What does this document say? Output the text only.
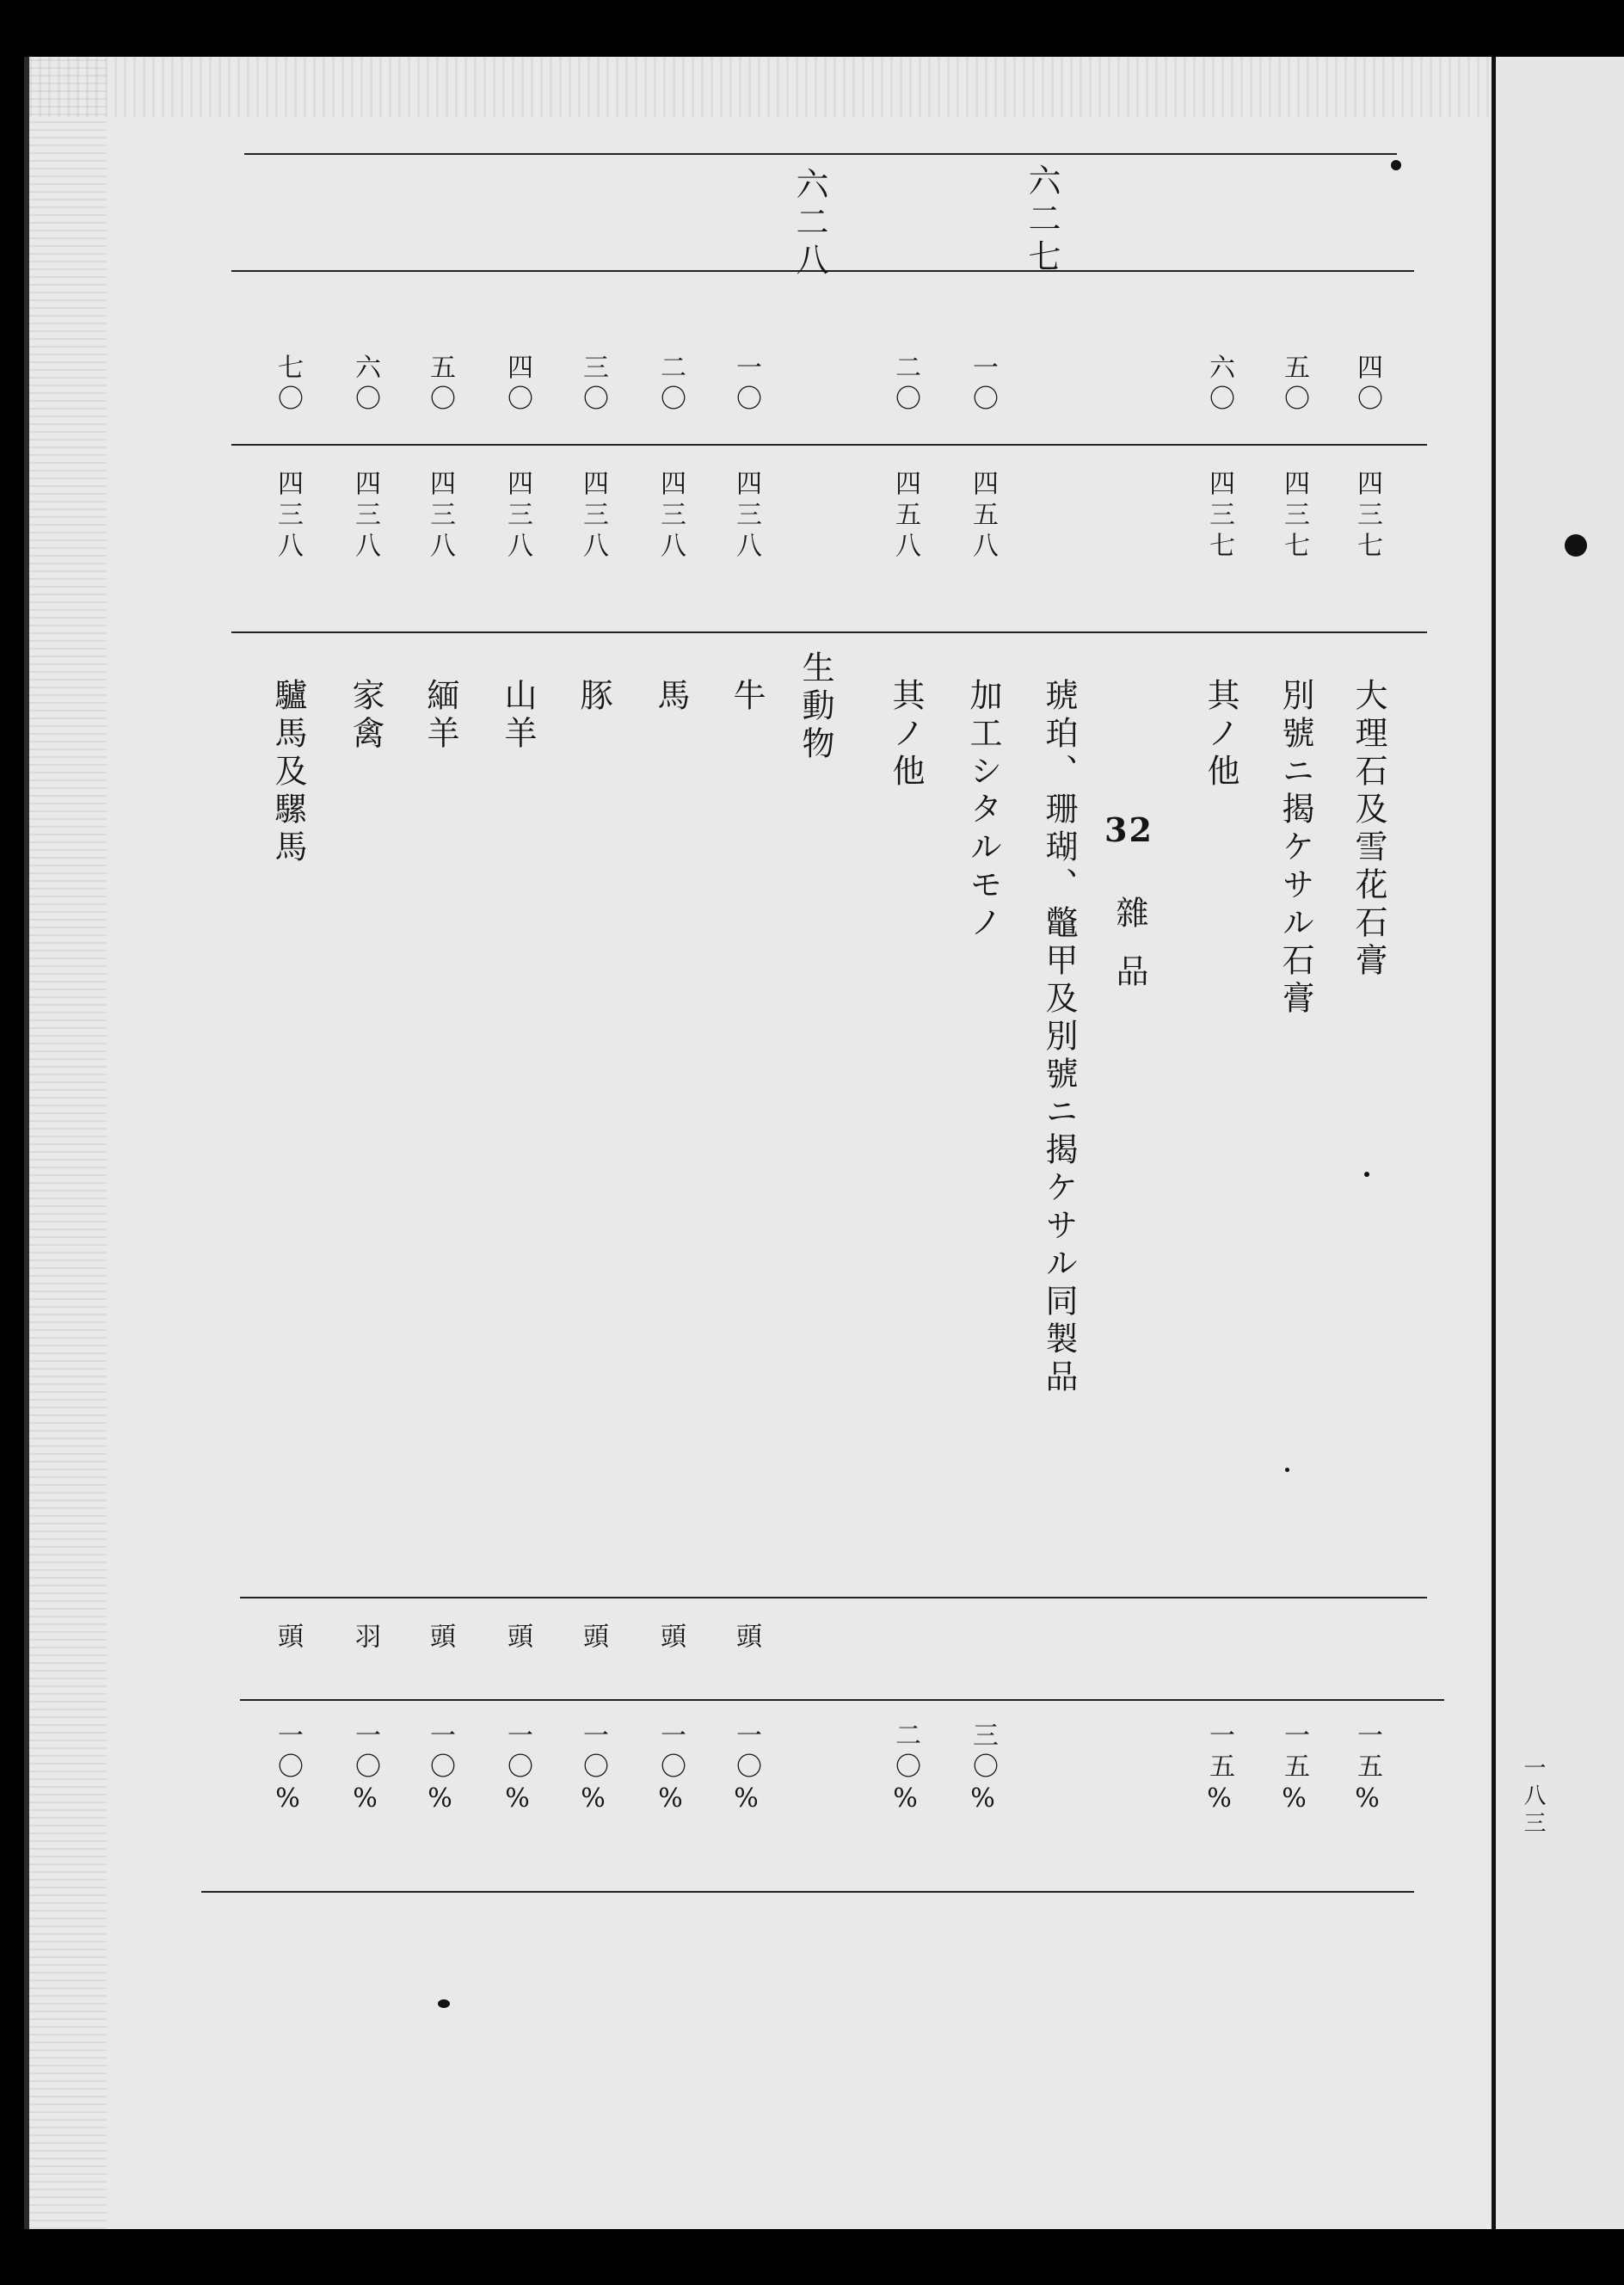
六二七
六二八
四〇
四三七
大理石及雪花石膏
一五%
五〇
四三七
別號ニ揭ケサル石膏
一五%
六〇
四三七
其ノ他
一五%
32
雜品
琥珀、珊瑚、鼈甲及別號ニ揭ケサル同製品
一〇
四五八
加工シタルモノ
三〇%
二〇
四五八
其ノ他
二〇%
生動物
一〇
四三八
牛
頭
一〇%
二〇
四三八
馬
頭
一〇%
三〇
四三八
豚
頭
一〇%
四〇
四三八
山羊
頭
一〇%
五〇
四三八
緬羊
頭
一〇%
六〇
四三八
家禽
羽
一〇%
七〇
四三八
驢馬及騾馬
頭
一〇%	一八三
